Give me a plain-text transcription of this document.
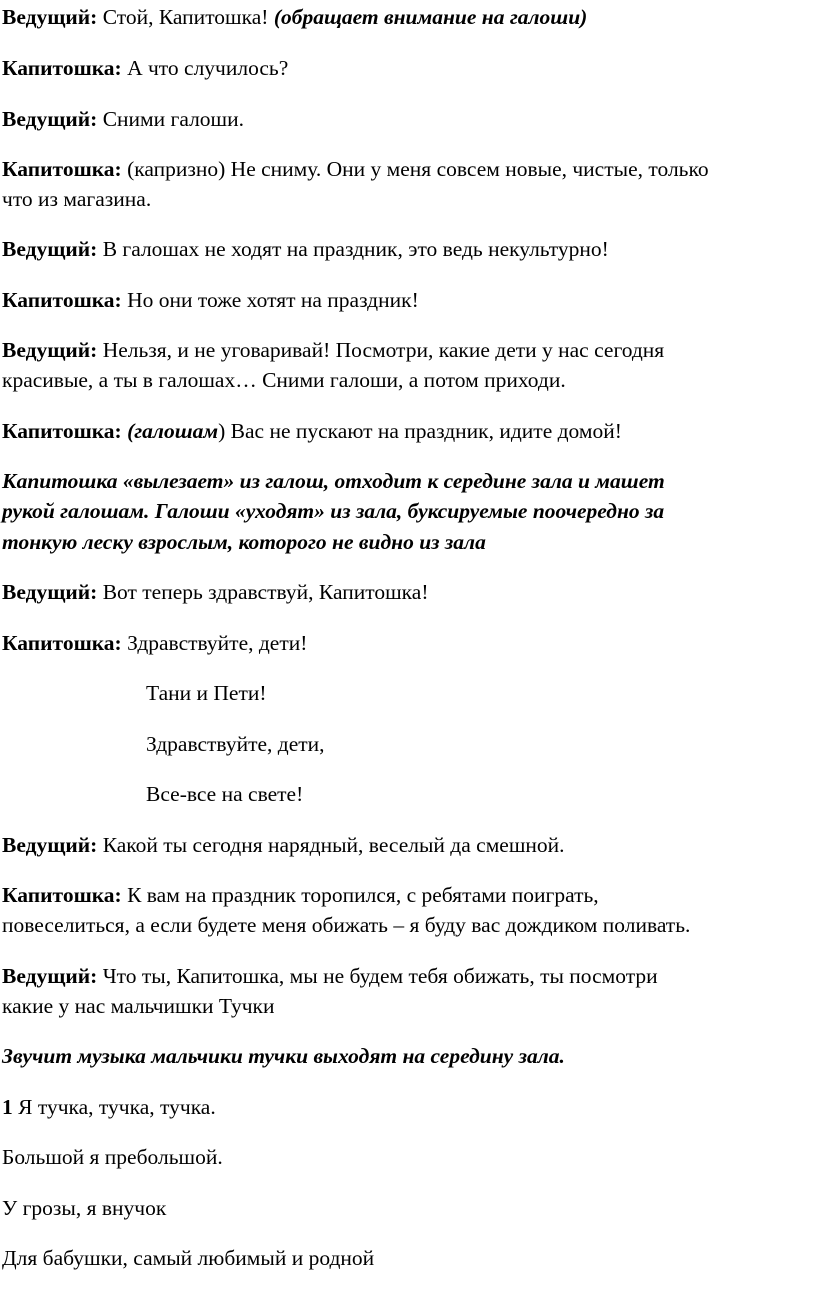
Ведущий: Стой, Капитошка! (обращает внимание на галоши)

Капитошка: А что случилось?

Ведущий: Сними галоши.

Капитошка: (капризно) Не сниму. Они у меня совсем новые, чистые, только

что из магазина.

Ведущий: В галошах не ходят на праздник, это ведь некультурно!

Капитошка: Но они тоже хотят на праздник!

Ведущий: Нельзя, и не уговаривай! Посмотри, какие дети у нас сегодня

красивые, а ты в галошах… Сними галоши, а потом приходи.

Капитошка: (галошам) Вас не пускают на праздник, идите домой!

Капитошка «вылезает» из галош, отходит к середине зала и машет

рукой галошам. Галоши «уходят» из зала, буксируемые поочередно за

тонкую леску взрослым, которого не видно из зала

Ведущий: Вот теперь здравствуй, Капитошка!

Капитошка: Здравствуйте, дети!

Тани и Пети!

Здравствуйте, дети,

Все-все на свете!

Ведущий: Какой ты сегодня нарядный, веселый да смешной.

Капитошка: К вам на праздник торопился, с ребятами поиграть,

повеселиться, а если будете меня обижать – я буду вас дождиком поливать.

Ведущий: Что ты, Капитошка, мы не будем тебя обижать, ты посмотри

какие у нас мальчишки Тучки

Звучит музыка мальчики тучки выходят на середину зала.

1 Я тучка, тучка, тучка.

Большой я пребольшой.

У грозы, я внучок

Для бабушки, самый любимый и родной
